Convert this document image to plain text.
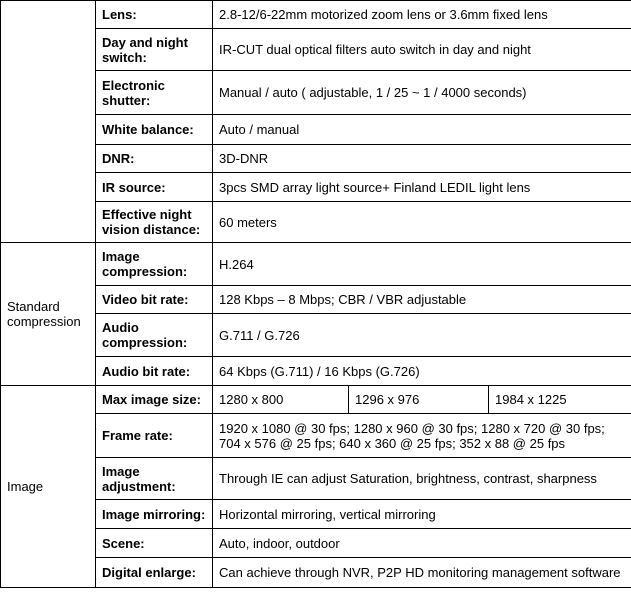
	Lens:	2.8-12/6-22mm motorized zoom lens or 3.6mm fixed lens		
	Day and night switch:	IR-CUT dual optical filters auto switch in day and night		
	Electronic shutter:	Manual / auto ( adjustable, 1 / 25 ~ 1 / 4000 seconds)		
	White balance:	Auto / manual		
	DNR:	3D-DNR		
	IR source:	3pcs SMD array light source+ Finland LEDIL light lens		
	Effective night vision distance:	60 meters		
Standard compression	Image compression:	H.264		
	Video bit rate:	128 Kbps – 8 Mbps; CBR / VBR adjustable		
	Audio compression:	G.711 / G.726		
	Audio bit rate:	64 Kbps (G.711) / 16 Kbps (G.726)		
Image	Max image size:	1280 x 800	1296 x 976	1984 x 1225
	Frame rate:	1920 x 1080 @ 30 fps; 1280 x 960 @ 30 fps; 1280 x 720 @ 30 fps; 704 x 576 @ 25 fps; 640 x 360 @ 25 fps; 352 x 88 @ 25 fps		
	Image adjustment:	Through IE can adjust Saturation, brightness, contrast, sharpness		
	Image mirroring:	Horizontal mirroring, vertical mirroring		
	Scene:	Auto, indoor, outdoor		
	Digital enlarge:	Can achieve through NVR, P2P HD monitoring management software		
